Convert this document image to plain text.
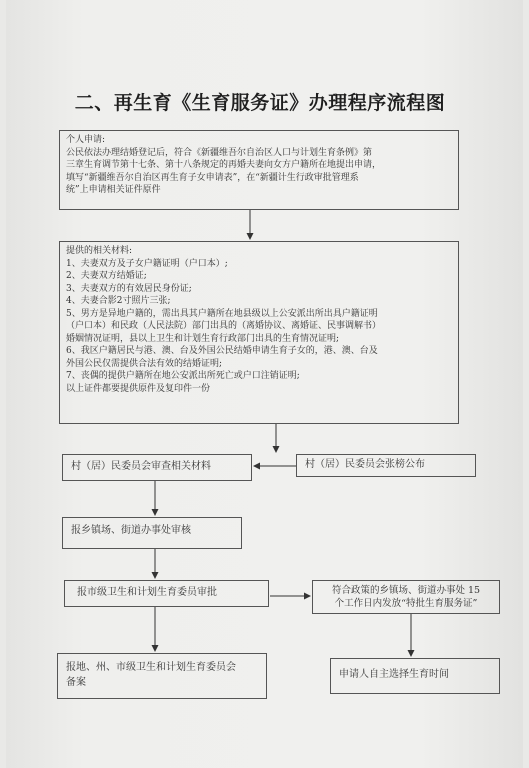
二、再生育《生育服务证》办理程序流程图
个人申请:
公民依法办理结婚登记后，符合《新疆维吾尔自治区人口与计划生育条例》第
三章生育调节第十七条、第十八条规定的再婚夫妻向女方户籍所在地提出申请，
填写“新疆维吾尔自治区再生育子女申请表”，在“新疆计生行政审批管理系
统”上申请相关证件原件
提供的相关材料:
1、夫妻双方及子女户籍证明（户口本）;
2、夫妻双方结婚证;
3、夫妻双方的有效居民身份证;
4、夫妻合影2寸照片三张;
5、男方是异地户籍的，需出具其户籍所在地县级以上公安派出所出具户籍证明
（户口本）和民政（人民法院）部门出具的（离婚协议、离婚证、民事调解书）
婚姻情况证明，县以上卫生和计划生育行政部门出具的生育情况证明;
6、我区户籍居民与港、澳、台及外国公民结婚申请生育子女的，港、澳、台及
外国公民仅需提供合法有效的结婚证明;
7、丧偶的提供户籍所在地公安派出所死亡或户口注销证明;
以上证件都要提供原件及复印件一份
村（居）民委员会审查相关材料	村（居）民委员会张榜公布
报乡镇场、街道办事处审核
报市级卫生和计划生育委员审批	符合政策的乡镇场、街道办事处 15
个工作日内发放“特批生育服务证”
报地、州、市级卫生和计划生育委员会
备案
申请人自主选择生育时间
